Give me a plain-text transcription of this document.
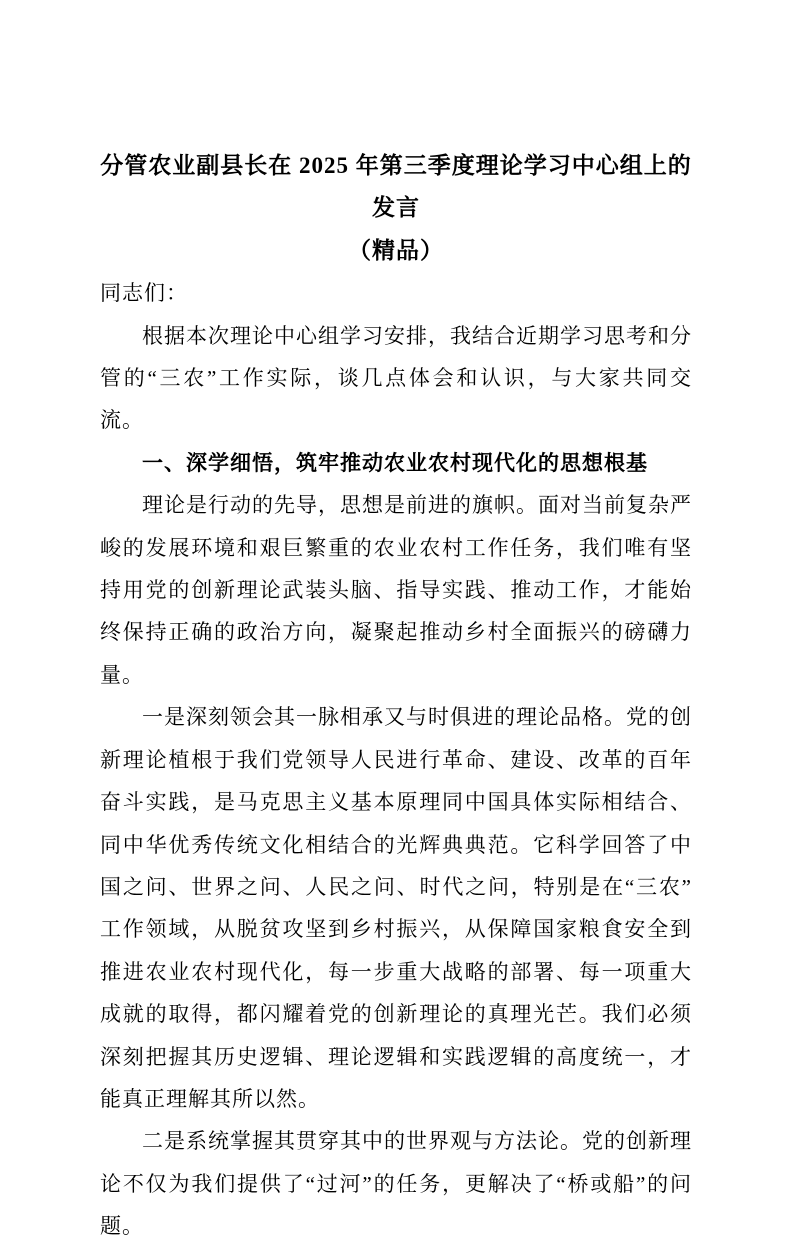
分管农业副县长在 2025 年第三季度理论学习中心组上的发言
（精品）

同志们：

根据本次理论中心组学习安排，我结合近期学习思考和分管的“三农”工作实际，谈几点体会和认识，与大家共同交流。

一、深学细悟，筑牢推动农业农村现代化的思想根基

理论是行动的先导，思想是前进的旗帜。面对当前复杂严峻的发展环境和艰巨繁重的农业农村工作任务，我们唯有坚持用党的创新理论武装头脑、指导实践、推动工作，才能始终保持正确的政治方向，凝聚起推动乡村全面振兴的磅礴力量。

一是深刻领会其一脉相承又与时俱进的理论品格。党的创新理论植根于我们党领导人民进行革命、建设、改革的百年奋斗实践，是马克思主义基本原理同中国具体实际相结合、同中华优秀传统文化相结合的光辉典典范。它科学回答了中国之问、世界之问、人民之问、时代之问，特别是在“三农”工作领域，从脱贫攻坚到乡村振兴，从保障国家粮食安全到推进农业农村现代化，每一步重大战略的部署、每一项重大成就的取得，都闪耀着党的创新理论的真理光芒。我们必须深刻把握其历史逻辑、理论逻辑和实践逻辑的高度统一，才能真正理解其所以然。

二是系统掌握其贯穿其中的世界观与方法论。党的创新理论不仅为我们提供了“过河”的任务，更解决了“桥或船”的问题。
